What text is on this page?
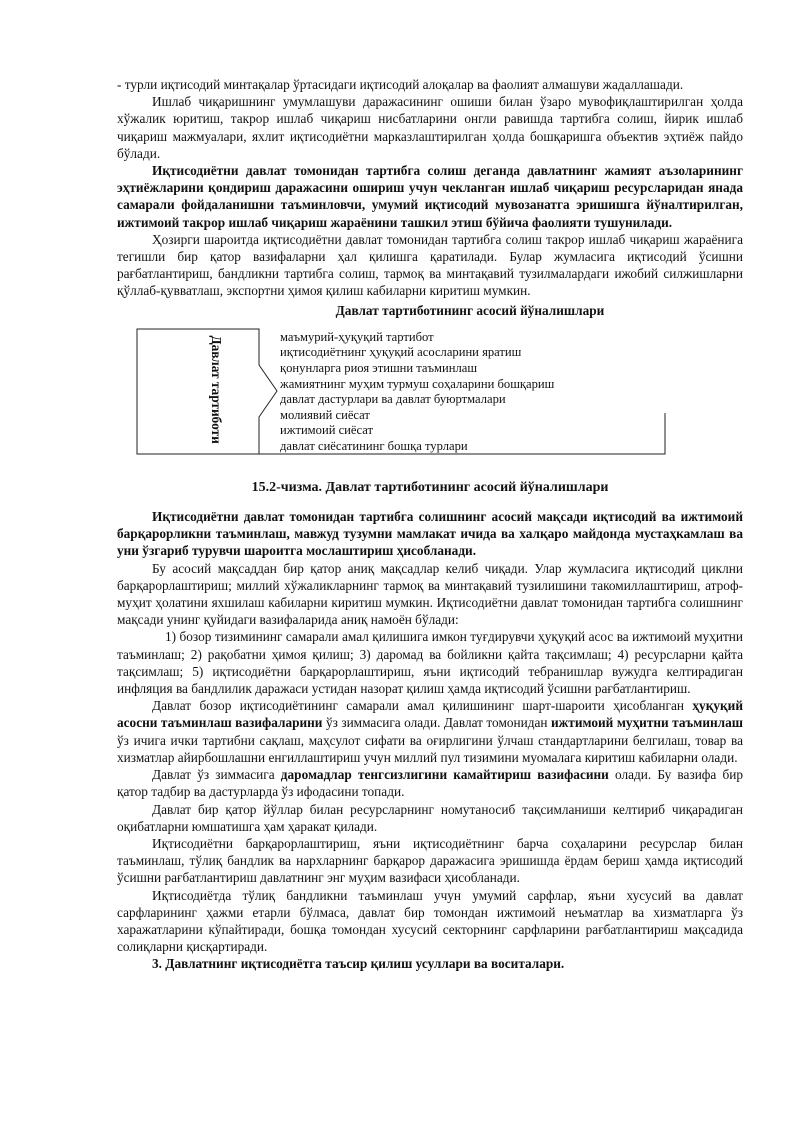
- турли иқтисодий минтақалар ўртасидаги иқтисодий алоқалар ва фаолият алмашуви жадаллашади.

Ишлаб чиқаришнинг умумлашуви даражасининг ошиши билан ўзаро мувофиқлаштирилган ҳолда хўжалик юритиш, такрор ишлаб чиқариш нисбатларини онгли равишда тартибга солиш, йирик ишлаб чиқариш мажмуалари, яхлит иқтисодиётни марказлаштирилган ҳолда бошқаришга объектив эҳтиёж пайдо бўлади.

Иқтисодиётни давлат томонидан тартибга солиш деганда давлатнинг жамият аъзоларининг эҳтиёжларини қондириш даражасини ошириш учун чекланган ишлаб чиқариш ресурсларидан янада самарали фойдаланишни таъминловчи, умумий иқтисодий мувозанатга эришишга йўналтирилган, ижтимоий такрор ишлаб чиқариш жараёнини ташкил этиш бўйича фаолияти тушунилади.

Ҳозирги шароитда иқтисодиётни давлат томонидан тартибга солиш такрор ишлаб чиқариш жараёнига тегишли бир қатор вазифаларни ҳал қилишга қаратилади. Булар жумласига иқтисодий ўсишни рағбатлантириш, бандликни тартибга солиш, тармоқ ва минтақавий тузилмалардаги ижобий силжишларни қўллаб-қувватлаш, экспортни ҳимоя қилиш кабиларни киритиш мумкин.

Давлат тартиботининг асосий йўналишлари
Давлат тартиботи	маъмурий-ҳуқуқий тартибот
иқтисодиётнинг ҳуқуқий асосларини яратиш
қонунларга риоя этишни таъминлаш
жамиятнинг муҳим турмуш соҳаларини бошқариш
давлат дастурлари ва давлат буюртмалари
молиявий сиёсат
ижтимоий сиёсат
давлат сиёсатининг бошқа турлари
15.2-чизма. Давлат тартиботининг асосий йўналишлари

Иқтисодиётни давлат томонидан тартибга солишнинг асосий мақсади иқтисодий ва ижтимоий барқарорликни таъминлаш, мавжуд тузумни мамлакат ичида ва халқаро майдонда мустаҳкамлаш ва уни ўзгариб турувчи шароитга мослаштириш ҳисобланади.

Бу асосий мақсаддан бир қатор аниқ мақсадлар келиб чиқади. Улар жумласига иқтисодий циклни барқарорлаштириш; миллий хўжаликларнинг тармоқ ва минтақавий тузилишини такомиллаштириш, атроф-муҳит ҳолатини яхшилаш кабиларни киритиш мумкин. Иқтисодиётни давлат томонидан тартибга солишнинг мақсади унинг қуйидаги вазифаларида аниқ намоён бўлади:

1) бозор тизимининг самарали амал қилишига имкон туғдирувчи ҳуқуқий асос ва ижтимоий муҳитни таъминлаш; 2) рақобатни ҳимоя қилиш; 3) даромад ва бойликни қайта тақсимлаш; 4) ресурсларни қайта тақсимлаш; 5) иқтисодиётни барқарорлаштириш, яъни иқтисодий тебранишлар вужудга келтирадиган инфляция ва бандлилик даражаси устидан назорат қилиш ҳамда иқтисодий ўсишни рағбатлантириш.

Давлат бозор иқтисодиётининг самарали амал қилишининг шарт-шароити ҳисобланган ҳуқуқий асосни таъминлаш вазифаларини ўз зиммасига олади. Давлат томонидан ижтимоий муҳитни таъминлаш ўз ичига ички тартибни сақлаш, маҳсулот сифати ва оғирлигини ўлчаш стандартларини белгилаш, товар ва хизматлар айирбошлашни енгиллаштириш учун миллий пул тизимини муомалага киритиш кабиларни олади.

Давлат ўз зиммасига даромадлар тенгсизлигини камайтириш вазифасини олади. Бу вазифа бир қатор тадбир ва дастурларда ўз ифодасини топади.

Давлат бир қатор йўллар билан ресурсларнинг номутаносиб тақсимланиши келтириб чиқарадиган оқибатларни юмшатишга ҳам ҳаракат қилади.

Иқтисодиётни барқарорлаштириш, яъни иқтисодиётнинг барча соҳаларини ресурслар билан таъминлаш, тўлиқ бандлик ва нархларнинг барқарор даражасига эришишда ёрдам бериш ҳамда иқтисодий ўсишни рағбатлантириш давлатнинг энг муҳим вазифаси ҳисобланади.

Иқтисодиётда тўлиқ бандликни таъминлаш учун умумий сарфлар, яъни хусусий ва давлат сарфларининг ҳажми етарли бўлмаса, давлат бир томондан ижтимоий неъматлар ва хизматларга ўз харажатларини кўпайтиради, бошқа томондан хусусий секторнинг сарфларини рағбатлантириш мақсадида солиқларни қисқартиради.

3. Давлатнинг иқтисодиётга таъсир қилиш усуллари ва воситалари.
